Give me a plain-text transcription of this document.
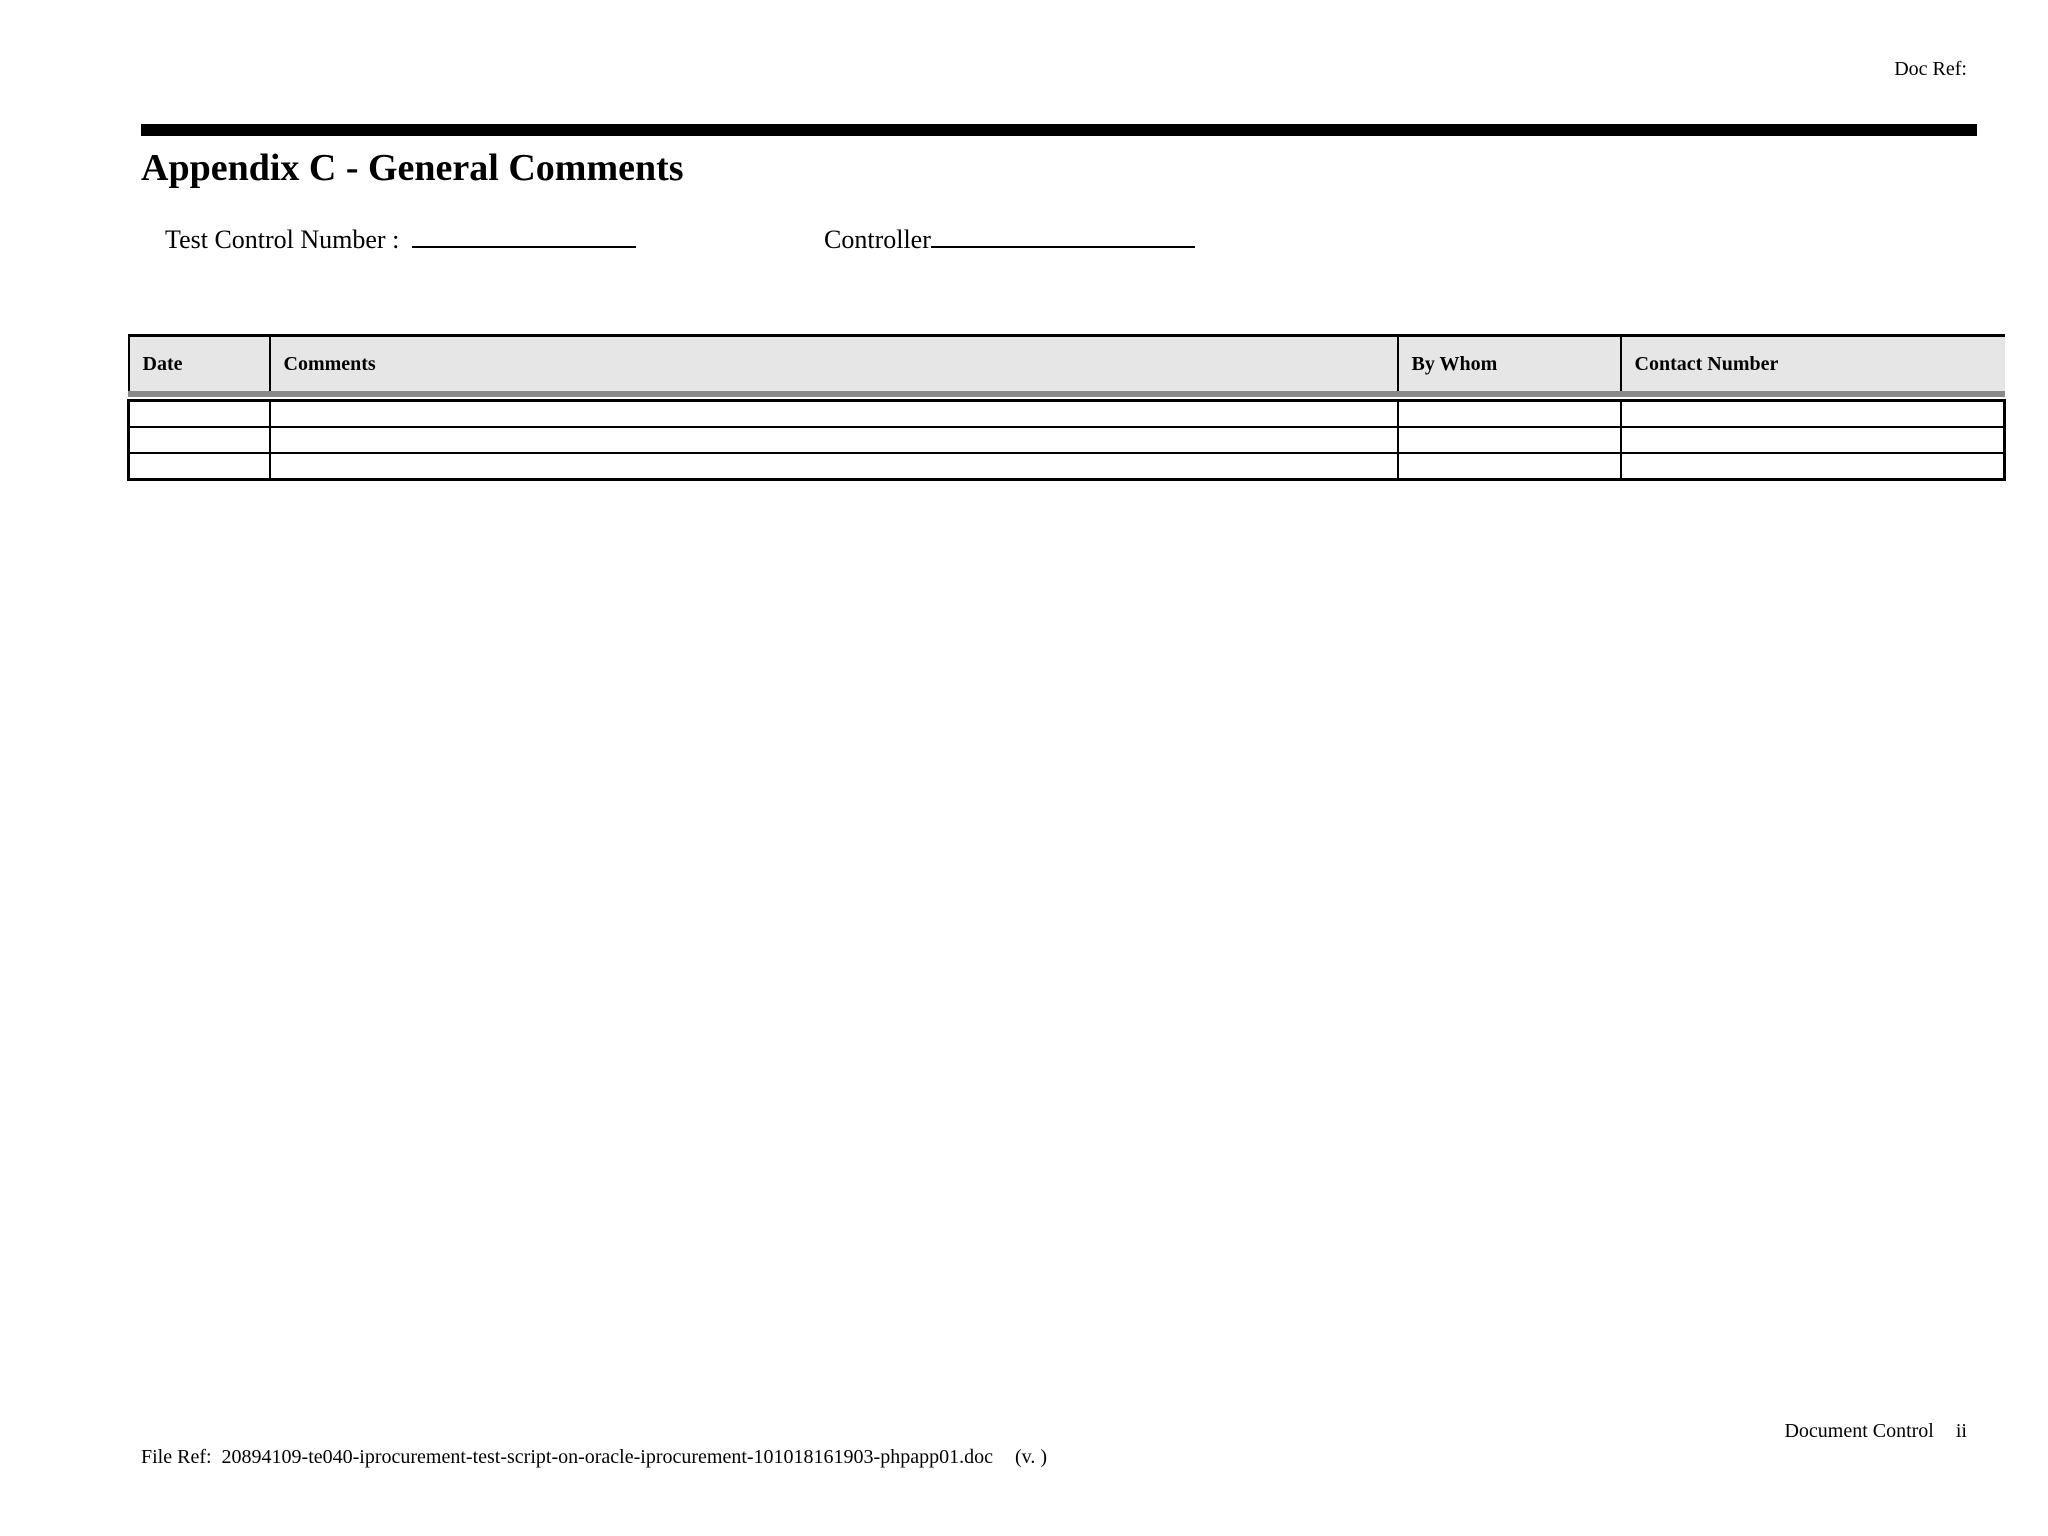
Doc Ref:
Appendix C - General Comments
Test Control Number :	Controller
Date	Comments	By Whom	Contact Number

Document Control ii
File Ref: 20894109-te040-iprocurement-test-script-on-oracle-iprocurement-101018161903-phpapp01.doc (v. )
